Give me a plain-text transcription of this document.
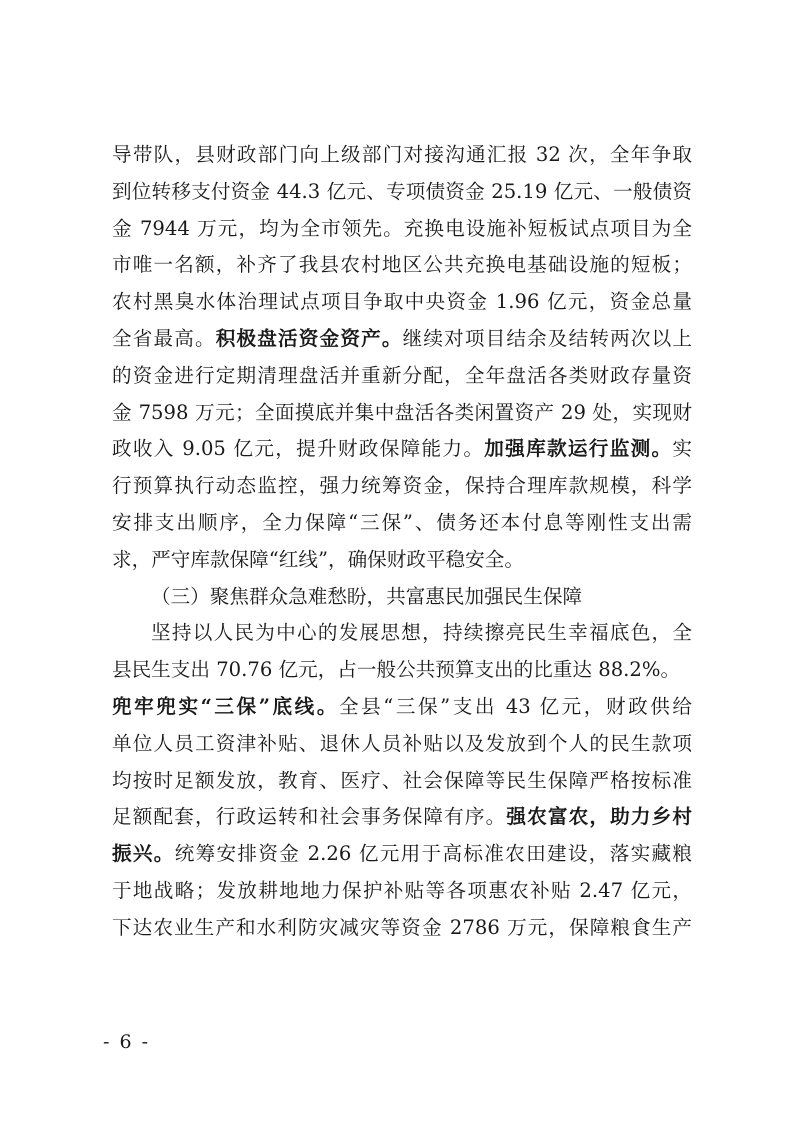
导带队，县财政部门向上级部门对接沟通汇报 32 次，全年争取
到位转移支付资金 44.3 亿元、专项债资金 25.19 亿元、一般债资
金 7944 万元，均为全市领先。充换电设施补短板试点项目为全
市唯一名额，补齐了我县农村地区公共充换电基础设施的短板；
农村黑臭水体治理试点项目争取中央资金 1.96 亿元，资金总量
全省最高。积极盘活资金资产。继续对项目结余及结转两次以上
的资金进行定期清理盘活并重新分配，全年盘活各类财政存量资
金 7598 万元；全面摸底并集中盘活各类闲置资产 29 处，实现财
政收入 9.05 亿元，提升财政保障能力。加强库款运行监测。实
行预算执行动态监控，强力统筹资金，保持合理库款规模，科学
安排支出顺序，全力保障“三保”、债务还本付息等刚性支出需
求，严守库款保障“红线”，确保财政平稳安全。
（三）聚焦群众急难愁盼，共富惠民加强民生保障
坚持以人民为中心的发展思想，持续擦亮民生幸福底色，全
县民生支出 70.76 亿元，占一般公共预算支出的比重达 88.2%。
兜牢兜实“三保”底线。全县“三保”支出 43 亿元，财政供给
单位人员工资津补贴、退休人员补贴以及发放到个人的民生款项
均按时足额发放，教育、医疗、社会保障等民生保障严格按标准
足额配套，行政运转和社会事务保障有序。强农富农，助力乡村
振兴。统筹安排资金 2.26 亿元用于高标准农田建设，落实藏粮
于地战略；发放耕地地力保护补贴等各项惠农补贴 2.47 亿元，
下达农业生产和水利防灾减灾等资金 2786 万元，保障粮食生产
- 6 -
